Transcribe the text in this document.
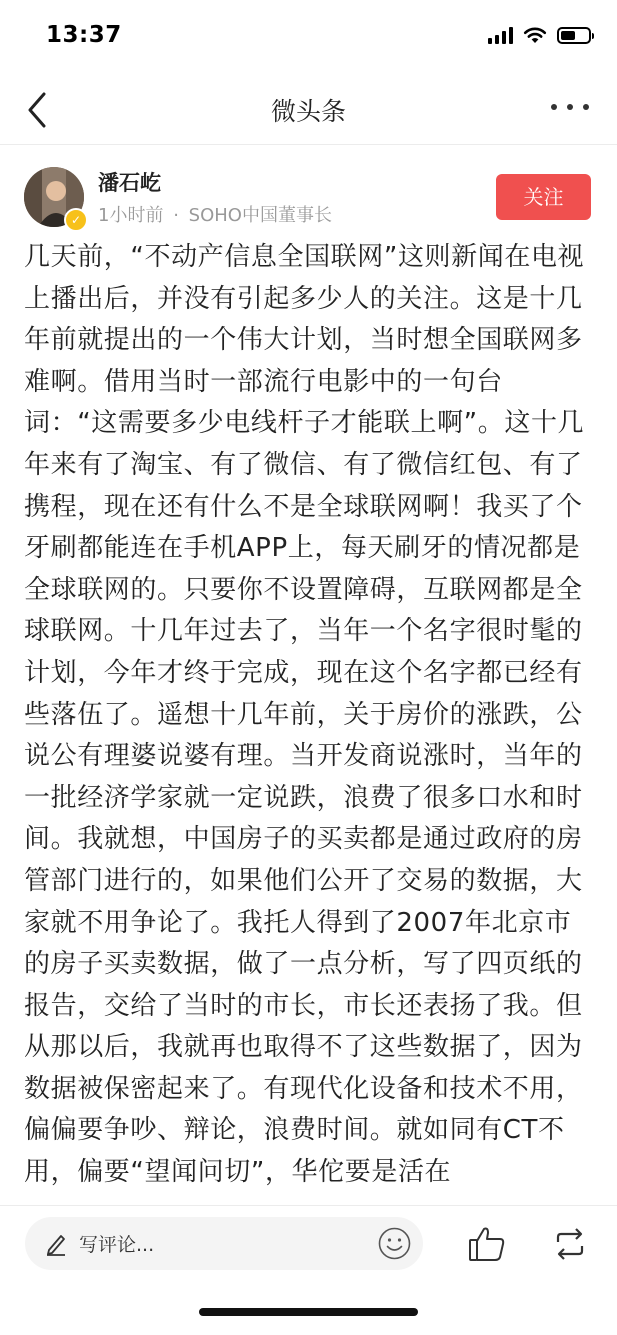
13:37
微头条
✓
潘石屹
1小时前 · SOHO中国董事长
关注

几天前，“不动产信息全国联网”这则新闻在电视上播出后，并没有引起多少人的关注。这是十几年前就提出的一个伟大计划，当时想全国联网多难啊。借用当时一部流行电影中的一句台词：“这需要多少电线杆子才能联上啊”。这十几年来有了淘宝、有了微信、有了微信红包、有了携程，现在还有什么不是全球联网啊！我买了个牙刷都能连在手机APP上，每天刷牙的情况都是全球联网的。只要你不设置障碍，互联网都是全球联网。十几年过去了，当年一个名字很时髦的计划，今年才终于完成，现在这个名字都已经有些落伍了。遥想十几年前，关于房价的涨跌，公说公有理婆说婆有理。当开发商说涨时，当年的一批经济学家就一定说跌，浪费了很多口水和时间。我就想，中国房子的买卖都是通过政府的房管部门进行的，如果他们公开了交易的数据，大家就不用争论了。我托人得到了2007年北京市的房子买卖数据，做了一点分析，写了四页纸的报告，交给了当时的市长，市长还表扬了我。但从那以后，我就再也取得不了这些数据了，因为数据被保密起来了。有现代化设备和技术不用，偏偏要争吵、辩论，浪费时间。就如同有CT不用，偏要“望闻问切”，华佗要是活在

写评论...
